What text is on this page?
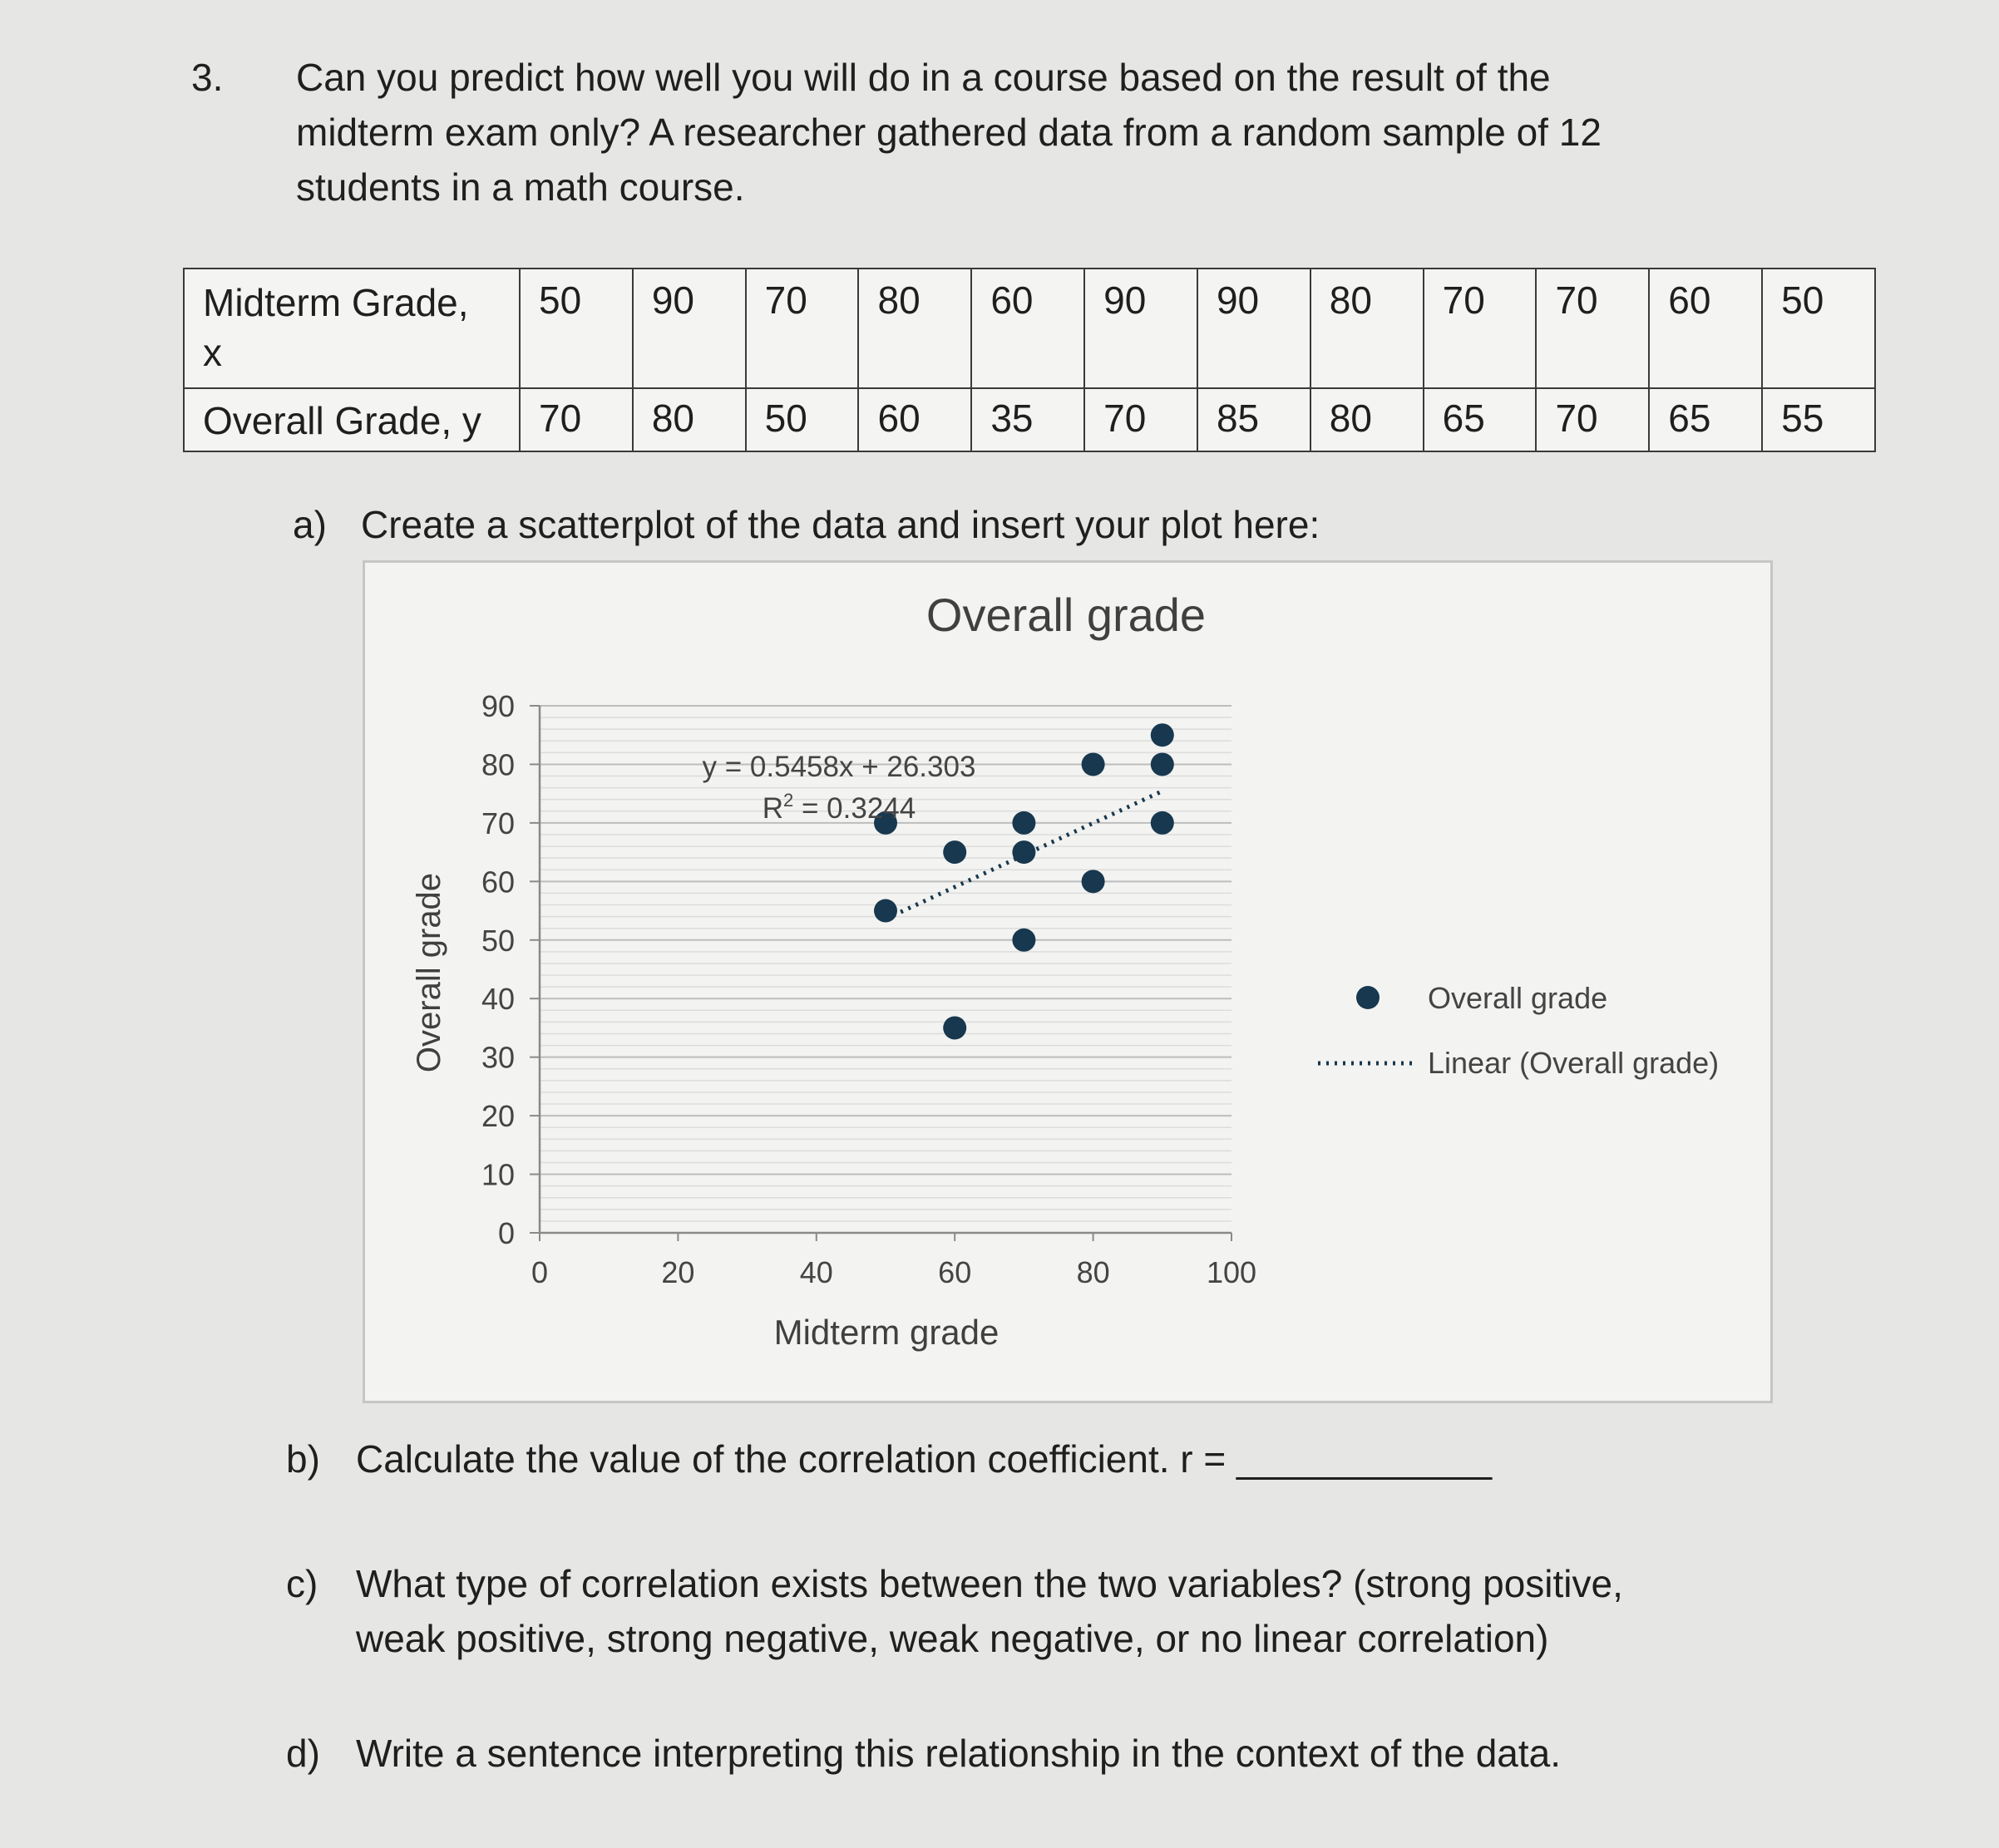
3. Can you predict how well you will do in a course based on the result of the
midterm exam only? A researcher gathered data from a random sample of 12
students in a math course.
Midterm Grade,
x	50	90	70	80	60	90	90	80	70	70	60	50
Overall Grade, y	70	80	50	60	35	70	85	80	65	70	65	55
a) Create a scatterplot of the data and insert your plot here:
Overall grade
0
10
20
30
40
50
60
70
80
90
0	20	40	60	80	100
Overall grade
Midterm grade
y = 0.5458x + 26.303
$R^2 = 0.3244$
Overall grade
Linear (Overall grade)
b) Calculate the value of the correlation coefficient. r = ____________
c) What type of correlation exists between the two variables? (strong positive,
weak positive, strong negative, weak negative, or no linear correlation)
d) Write a sentence interpreting this relationship in the context of the data.
